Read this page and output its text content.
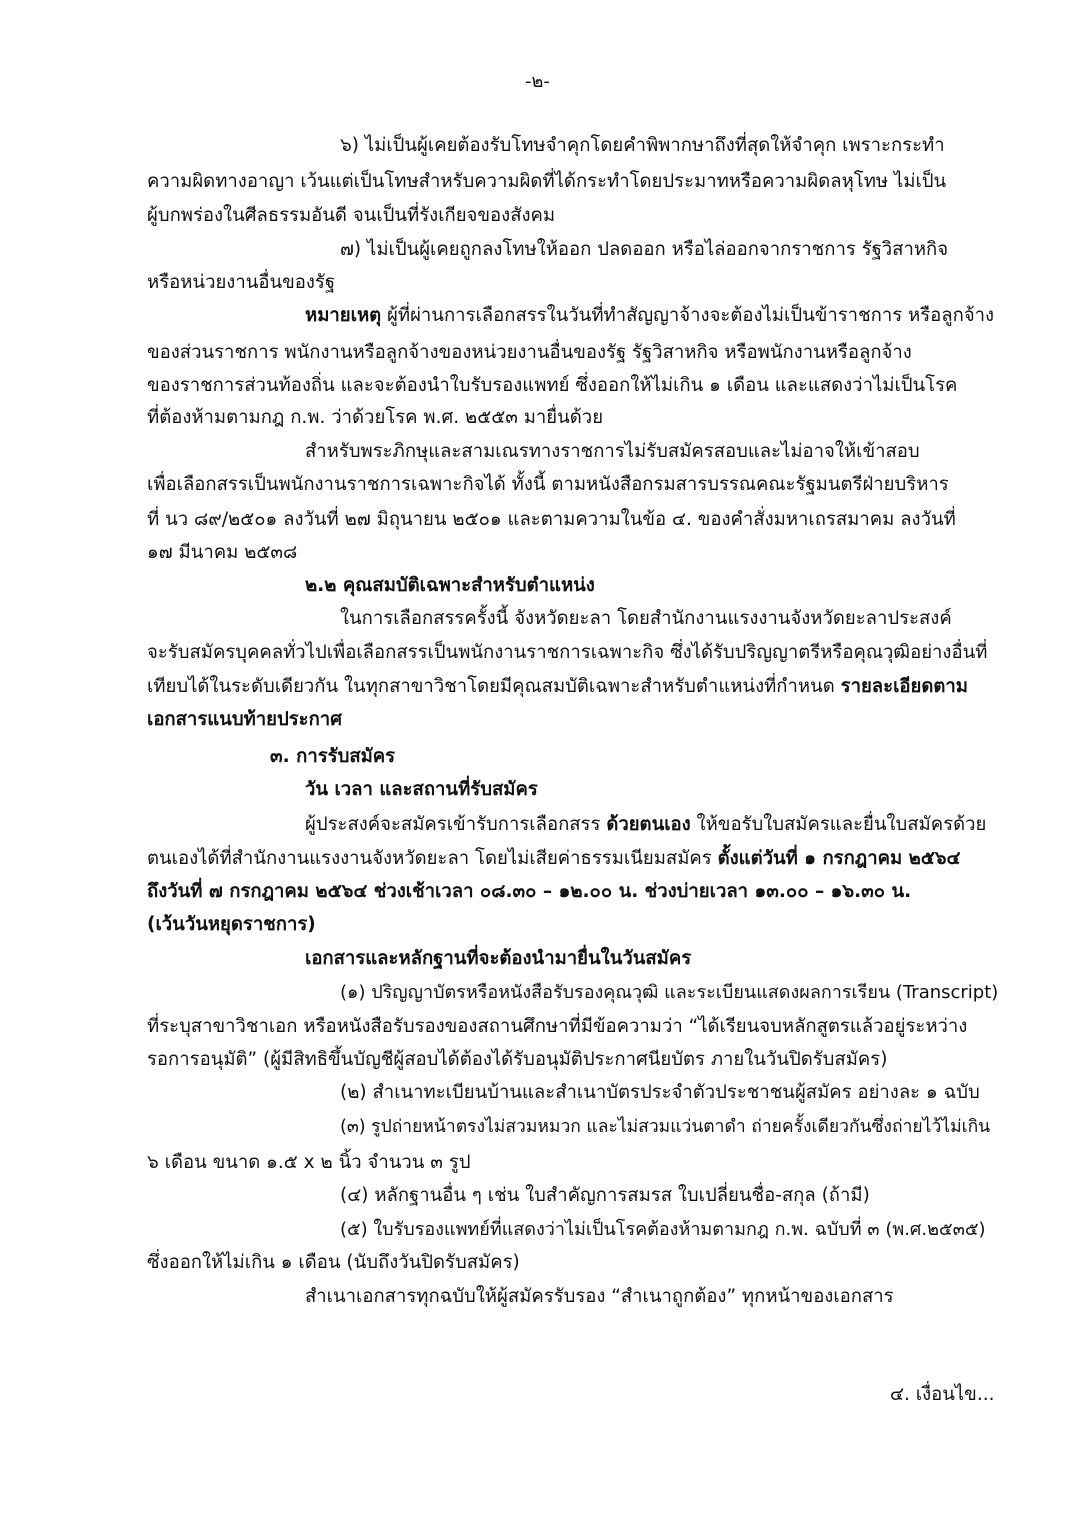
-๒-
๖) ไม่เป็นผู้เคยต้องรับโทษจำคุกโดยคำพิพากษาถึงที่สุดให้จำคุก เพราะกระทำ
ความผิดทางอาญา เว้นแต่เป็นโทษสำหรับความผิดที่ได้กระทำโดยประมาทหรือความผิดลหุโทษ ไม่เป็น
ผู้บกพร่องในศีลธรรมอันดี จนเป็นที่รังเกียจของสังคม
๗) ไม่เป็นผู้เคยถูกลงโทษให้ออก ปลดออก หรือไล่ออกจากราชการ รัฐวิสาหกิจ
หรือหน่วยงานอื่นของรัฐ
หมายเหตุ ผู้ที่ผ่านการเลือกสรรในวันที่ทำสัญญาจ้างจะต้องไม่เป็นข้าราชการ หรือลูกจ้าง
ของส่วนราชการ พนักงานหรือลูกจ้างของหน่วยงานอื่นของรัฐ รัฐวิสาหกิจ หรือพนักงานหรือลูกจ้าง
ของราชการส่วนท้องถิ่น และจะต้องนำใบรับรองแพทย์ ซึ่งออกให้ไม่เกิน ๑ เดือน และแสดงว่าไม่เป็นโรค
ที่ต้องห้ามตามกฎ ก.พ. ว่าด้วยโรค พ.ศ. ๒๕๕๓ มายื่นด้วย
สำหรับพระภิกษุและสามเณรทางราชการไม่รับสมัครสอบและไม่อาจให้เข้าสอบ
เพื่อเลือกสรรเป็นพนักงานราชการเฉพาะกิจได้ ทั้งนี้ ตามหนังสือกรมสารบรรณคณะรัฐมนตรีฝ่ายบริหาร
ที่ นว ๘๙/๒๕๐๑ ลงวันที่ ๒๗ มิถุนายน ๒๕๐๑ และตามความในข้อ ๔. ของคำสั่งมหาเถรสมาคม ลงวันที่
๑๗ มีนาคม ๒๕๓๘
๒.๒ คุณสมบัติเฉพาะสำหรับตำแหน่ง
ในการเลือกสรรครั้งนี้ จังหวัดยะลา โดยสำนักงานแรงงานจังหวัดยะลาประสงค์
จะรับสมัครบุคคลทั่วไปเพื่อเลือกสรรเป็นพนักงานราชการเฉพาะกิจ ซึ่งได้รับปริญญาตรีหรือคุณวุฒิอย่างอื่นที่
เทียบได้ในระดับเดียวกัน ในทุกสาขาวิชาโดยมีคุณสมบัติเฉพาะสำหรับตำแหน่งที่กำหนด รายละเอียดตาม
เอกสารแนบท้ายประกาศ
๓. การรับสมัคร
วัน เวลา และสถานที่รับสมัคร
ผู้ประสงค์จะสมัครเข้ารับการเลือกสรร ด้วยตนเอง ให้ขอรับใบสมัครและยื่นใบสมัครด้วย
ตนเองได้ที่สำนักงานแรงงานจังหวัดยะลา โดยไม่เสียค่าธรรมเนียมสมัคร ตั้งแต่วันที่ ๑ กรกฎาคม ๒๕๖๔
ถึงวันที่ ๗ กรกฎาคม ๒๕๖๔ ช่วงเช้าเวลา ๐๘.๓๐ – ๑๒.๐๐ น. ช่วงบ่ายเวลา ๑๓.๐๐ – ๑๖.๓๐ น.
(เว้นวันหยุดราชการ)
เอกสารและหลักฐานที่จะต้องนำมายื่นในวันสมัคร
(๑) ปริญญาบัตรหรือหนังสือรับรองคุณวุฒิ และระเบียนแสดงผลการเรียน (Transcript)
ที่ระบุสาขาวิชาเอก หรือหนังสือรับรองของสถานศึกษาที่มีข้อความว่า “ได้เรียนจบหลักสูตรแล้วอยู่ระหว่าง
รอการอนุมัติ” (ผู้มีสิทธิขึ้นบัญชีผู้สอบได้ต้องได้รับอนุมัติประกาศนียบัตร ภายในวันปิดรับสมัคร)
(๒) สำเนาทะเบียนบ้านและสำเนาบัตรประจำตัวประชาชนผู้สมัคร อย่างละ ๑ ฉบับ
(๓) รูปถ่ายหน้าตรงไม่สวมหมวก และไม่สวมแว่นตาดำ ถ่ายครั้งเดียวกันซึ่งถ่ายไว้ไม่เกิน
๖ เดือน ขนาด ๑.๕ x ๒ นิ้ว จำนวน ๓ รูป
(๔) หลักฐานอื่น ๆ เช่น ใบสำคัญการสมรส ใบเปลี่ยนชื่อ-สกุล (ถ้ามี)
(๕) ใบรับรองแพทย์ที่แสดงว่าไม่เป็นโรคต้องห้ามตามกฎ ก.พ. ฉบับที่ ๓ (พ.ศ.๒๕๓๕)
ซึ่งออกให้ไม่เกิน ๑ เดือน (นับถึงวันปิดรับสมัคร)
สำเนาเอกสารทุกฉบับให้ผู้สมัครรับรอง “สำเนาถูกต้อง” ทุกหน้าของเอกสาร
๔. เงื่อนไข...
